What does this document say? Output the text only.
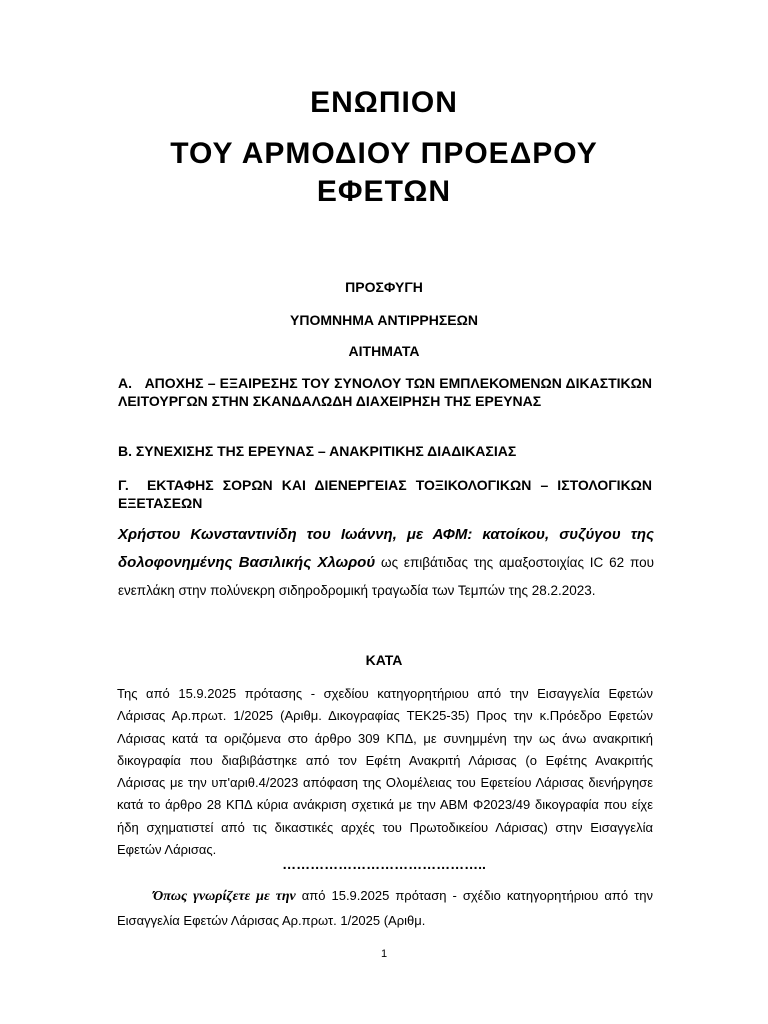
ΕΝΩΠΙΟΝ
ΤΟΥ ΑΡΜΟΔΙΟΥ ΠΡΟΕΔΡΟΥ
ΕΦΕΤΩΝ
ΠΡΟΣΦΥΓΗ
ΥΠΟΜΝΗΜΑ ΑΝΤΙΡΡΗΣΕΩΝ
ΑΙΤΗΜΑΤΑ
Α. ΑΠΟΧΗΣ – ΕΞΑΙΡΕΣΗΣ ΤΟΥ ΣΥΝΟΛΟΥ ΤΩΝ ΕΜΠΛΕΚΟΜΕΝΩΝ ΔΙΚΑΣΤΙΚΩΝ ΛΕΙΤΟΥΡΓΩΝ ΣΤΗΝ ΣΚΑΝΔΑΛΩΔΗ ΔΙΑΧΕΙΡΗΣΗ ΤΗΣ ΕΡΕΥΝΑΣ
Β. ΣΥΝΕΧΙΣΗΣ ΤΗΣ ΕΡΕΥΝΑΣ – ΑΝΑΚΡΙΤΙΚΗΣ ΔΙΑΔΙΚΑΣΙΑΣ
Γ. ΕΚΤΑΦΗΣ ΣΟΡΩΝ ΚΑΙ ΔΙΕΝΕΡΓΕΙΑΣ ΤΟΞΙΚΟΛΟΓΙΚΩΝ – ΙΣΤΟΛΟΓΙΚΩΝ ΕΞΕΤΑΣΕΩΝ
Χρήστου Κωνσταντινίδη του Ιωάννη, με ΑΦΜ: κατοίκου, συζύγου της δολοφονημένης Βασιλικής Χλωρού ως επιβάτιδας της αμαξοστοιχίας IC 62 που ενεπλάκη στην πολύνεκρη σιδηροδρομική τραγωδία των Τεμπών της 28.2.2023.
ΚΑΤΑ
Της από 15.9.2025 πρότασης - σχεδίου κατηγορητήριου από την Εισαγγελία Εφετών Λάρισας Αρ.πρωτ. 1/2025 (Αριθμ. Δικογραφίας ΤΕΚ25-35) Προς την κ.Πρόεδρο Εφετών Λάρισας κατά τα οριζόμενα στο άρθρο 309 ΚΠΔ, με συνημμένη την ως άνω ανακριτική δικογραφία που διαβιβάστηκε από τον Εφέτη Ανακριτή Λάρισας (ο Εφέτης Ανακριτής Λάρισας με την υπ'αριθ.4/2023 απόφαση της Ολομέλειας του Εφετείου Λάρισας διενήργησε κατά το άρθρο 28 ΚΠΔ κύρια ανάκριση σχετικά με την ΑΒΜ Φ2023/49 δικογραφία που είχε ήδη σχηματιστεί από τις δικαστικές αρχές του Πρωτοδικείου Λάρισας) στην Εισαγγελία Εφετών Λάρισας.
……………………………………..
Όπως γνωρίζετε με την από 15.9.2025 πρόταση - σχέδιο κατηγορητήριου από την Εισαγγελία Εφετών Λάρισας Αρ.πρωτ. 1/2025 (Αριθμ.
1
